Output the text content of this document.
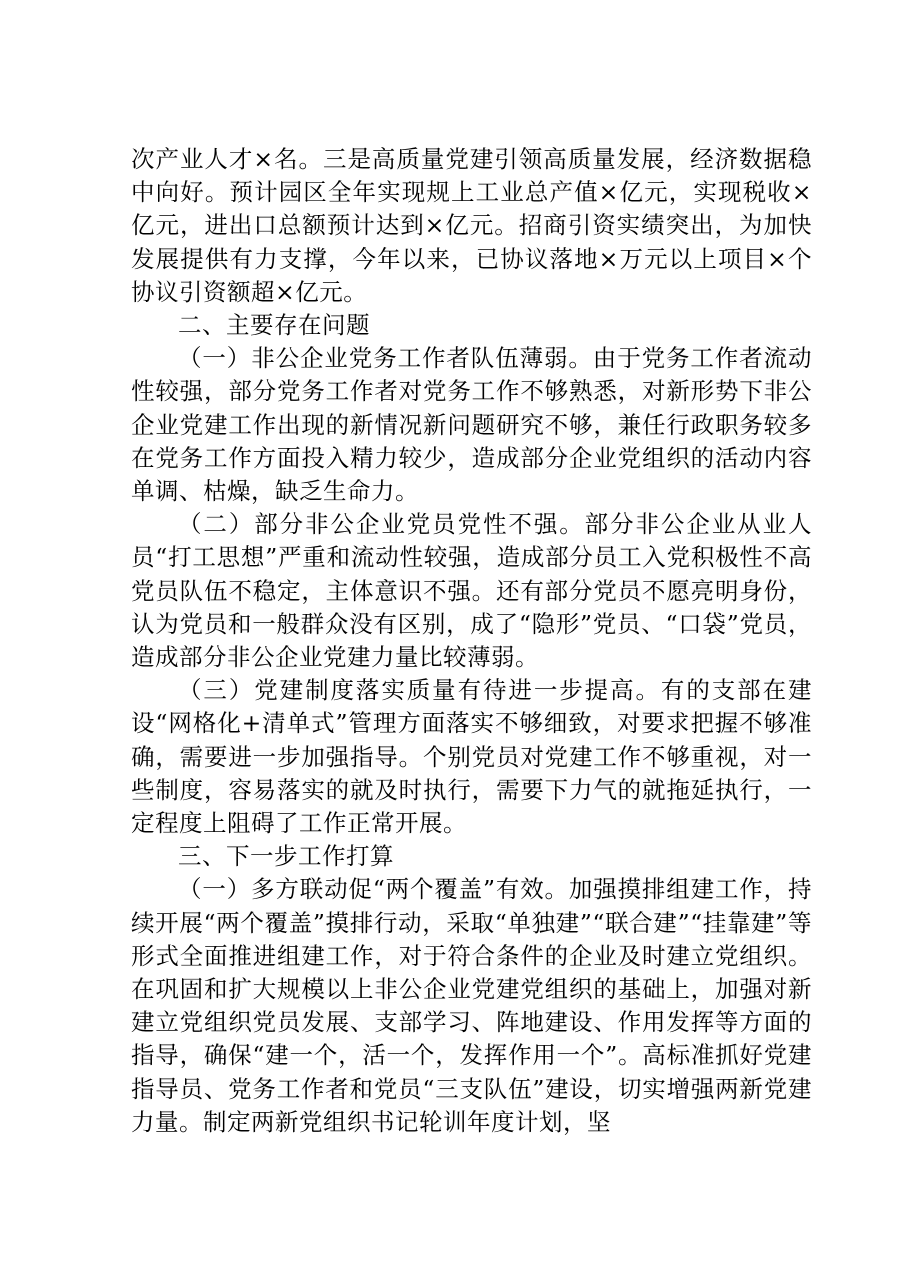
次产业人才×名。三是高质量党建引领高质量发展，经济数据稳中向好。预计园区全年实现规上工业总产值×亿元，实现税收×亿元，进出口总额预计达到×亿元。招商引资实绩突出，为加快发展提供有力支撑，今年以来，已协议落地×万元以上项目×个协议引资额超×亿元。

二、主要存在问题

（一）非公企业党务工作者队伍薄弱。由于党务工作者流动性较强，部分党务工作者对党务工作不够熟悉，对新形势下非公企业党建工作出现的新情况新问题研究不够，兼任行政职务较多在党务工作方面投入精力较少，造成部分企业党组织的活动内容单调、枯燥，缺乏生命力。

（二）部分非公企业党员党性不强。部分非公企业从业人员“打工思想”严重和流动性较强，造成部分员工入党积极性不高党员队伍不稳定，主体意识不强。还有部分党员不愿亮明身份，认为党员和一般群众没有区别，成了“隐形”党员、“口袋”党员，造成部分非公企业党建力量比较薄弱。

（三）党建制度落实质量有待进一步提高。有的支部在建设“网格化+清单式”管理方面落实不够细致，对要求把握不够准确，需要进一步加强指导。个别党员对党建工作不够重视，对一些制度，容易落实的就及时执行，需要下力气的就拖延执行，一定程度上阻碍了工作正常开展。

三、下一步工作打算

（一）多方联动促“两个覆盖”有效。加强摸排组建工作，持续开展“两个覆盖”摸排行动，采取“单独建”“联合建”“挂靠建”等形式全面推进组建工作，对于符合条件的企业及时建立党组织。在巩固和扩大规模以上非公企业党建党组织的基础上，加强对新建立党组织党员发展、支部学习、阵地建设、作用发挥等方面的指导，确保“建一个，活一个，发挥作用一个”。高标准抓好党建指导员、党务工作者和党员“三支队伍”建设，切实增强两新党建力量。制定两新党组织书记轮训年度计划，坚
